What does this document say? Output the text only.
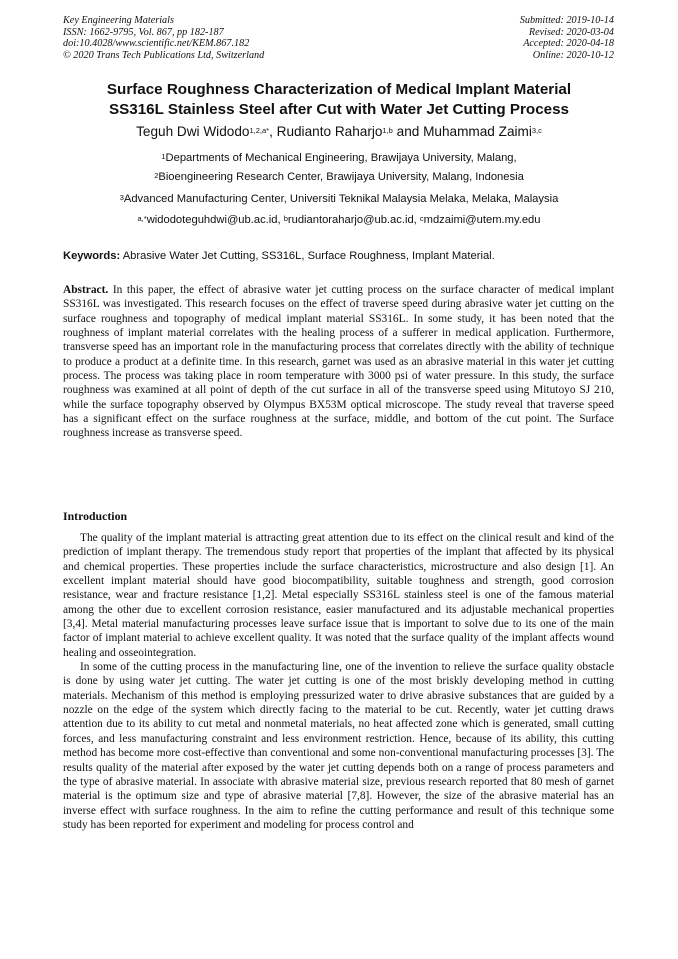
Key Engineering Materials
ISSN: 1662-9795, Vol. 867, pp 182-187
doi:10.4028/www.scientific.net/KEM.867.182
© 2020 Trans Tech Publications Ltd, Switzerland
Submitted: 2019-10-14
Revised: 2020-03-04
Accepted: 2020-04-18
Online: 2020-10-12
Surface Roughness Characterization of Medical Implant Material
SS316L Stainless Steel after Cut with Water Jet Cutting Process
Teguh Dwi Widodo$^{1,2,a*}$, Rudianto Raharjo$^{1,b}$ and Muhammad Zaimi$^{3,c}$
$^1$Departments of Mechanical Engineering, Brawijaya University, Malang,
$^2$Bioengineering Research Center, Brawijaya University, Malang, Indonesia
$^3$Advanced Manufacturing Center, Universiti Teknikal Malaysia Melaka, Melaka, Malaysia
$^{a,*}$widodoteguhdwi@ub.ac.id, $^b$rudiantoraharjo@ub.ac.id, $^c$mdzaimi@utem.my.edu
Keywords: Abrasive Water Jet Cutting, SS316L, Surface Roughness, Implant Material.

Abstract. In this paper, the effect of abrasive water jet cutting process on the surface character of medical implant SS316L was investigated. This research focuses on the effect of traverse speed during abrasive water jet cutting on the surface roughness and topography of medical implant material SS316L. In some study, it has been noted that the roughness of implant material correlates with the healing process of a sufferer in medical application. Furthermore, transverse speed has an important role in the manufacturing process that correlates directly with the ability of technique to produce a product at a definite time. In this research, garnet was used as an abrasive material in this water jet cutting process. The process was taking place in room temperature with 3000 psi of water pressure. In this study, the surface roughness was examined at all point of depth of the cut surface in all of the transverse speed using Mitutoyo SJ 210, while the surface topography observed by Olympus BX53M optical microscope. The study reveal that traverse speed has a significant effect on the surface roughness at the surface, middle, and bottom of the cut point. The Surface roughness increase as transverse speed.

Introduction

The quality of the implant material is attracting great attention due to its effect on the clinical result and kind of the prediction of implant therapy. The tremendous study report that properties of the implant that affected by its physical and chemical properties. These properties include the surface characteristics, microstructure and also design [1]. An excellent implant material should have good biocompatibility, suitable toughness and strength, good corrosion resistance, wear and fracture resistance [1,2]. Metal especially SS316L stainless steel is one of the famous material among the other due to excellent corrosion resistance, easier manufactured and its adjustable mechanical properties [3,4]. Metal material manufacturing processes leave surface issue that is important to solve due to its one of the main factor of implant material to achieve excellent quality. It was noted that the surface quality of the implant affects wound healing and osseointegration.

In some of the cutting process in the manufacturing line, one of the invention to relieve the surface quality obstacle is done by using water jet cutting. The water jet cutting is one of the most briskly developing method in cutting materials. Mechanism of this method is employing pressurized water to drive abrasive substances that are guided by a nozzle on the edge of the system which directly facing to the material to be cut. Recently, water jet cutting draws attention due to its ability to cut metal and nonmetal materials, no heat affected zone which is generated, small cutting forces, and less manufacturing constraint and less environment restriction. Hence, because of its ability, this cutting method has become more cost-effective than conventional and some non-conventional manufacturing processes [3]. The results quality of the material after exposed by the water jet cutting depends both on a range of process parameters and the type of abrasive material. In associate with abrasive material size, previous research reported that 80 mesh of garnet material is the optimum size and type of abrasive material [7,8]. However, the size of the abrasive material has an inverse effect with surface roughness. In the aim to refine the cutting performance and result of this technique some study has been reported for experiment and modeling for process control and
